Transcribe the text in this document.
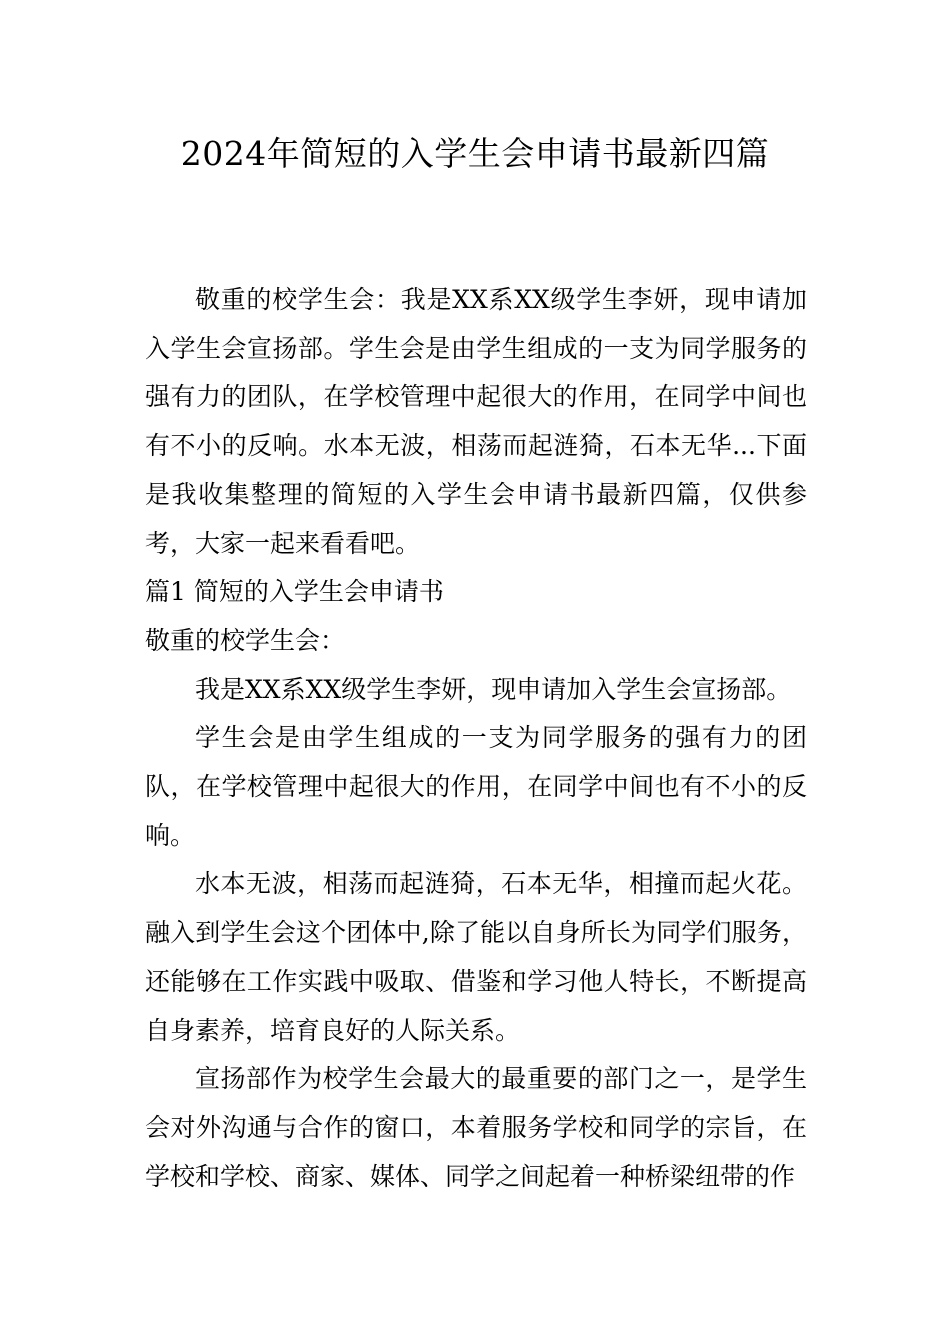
2024年简短的入学生会申请书最新四篇

敬重的校学生会：我是XX系XX级学生李妍，现申请加入学生会宣扬部。学生会是由学生组成的一支为同学服务的强有力的团队，在学校管理中起很大的作用，在同学中间也有不小的反响。水本无波，相荡而起涟猗，石本无华...下面是我收集整理的简短的入学生会申请书最新四篇，仅供参考，大家一起来看看吧。

篇1 简短的入学生会申请书

敬重的校学生会：

我是XX系XX级学生李妍，现申请加入学生会宣扬部。

学生会是由学生组成的一支为同学服务的强有力的团队，在学校管理中起很大的作用，在同学中间也有不小的反响。

水本无波，相荡而起涟猗，石本无华，相撞而起火花。融入到学生会这个团体中,除了能以自身所长为同学们服务，还能够在工作实践中吸取、借鉴和学习他人特长，不断提高自身素养，培育良好的人际关系。

宣扬部作为校学生会最大的最重要的部门之一，是学生会对外沟通与合作的窗口，本着服务学校和同学的宗旨，在学校和学校、商家、媒体、同学之间起着一种桥梁纽带的作
